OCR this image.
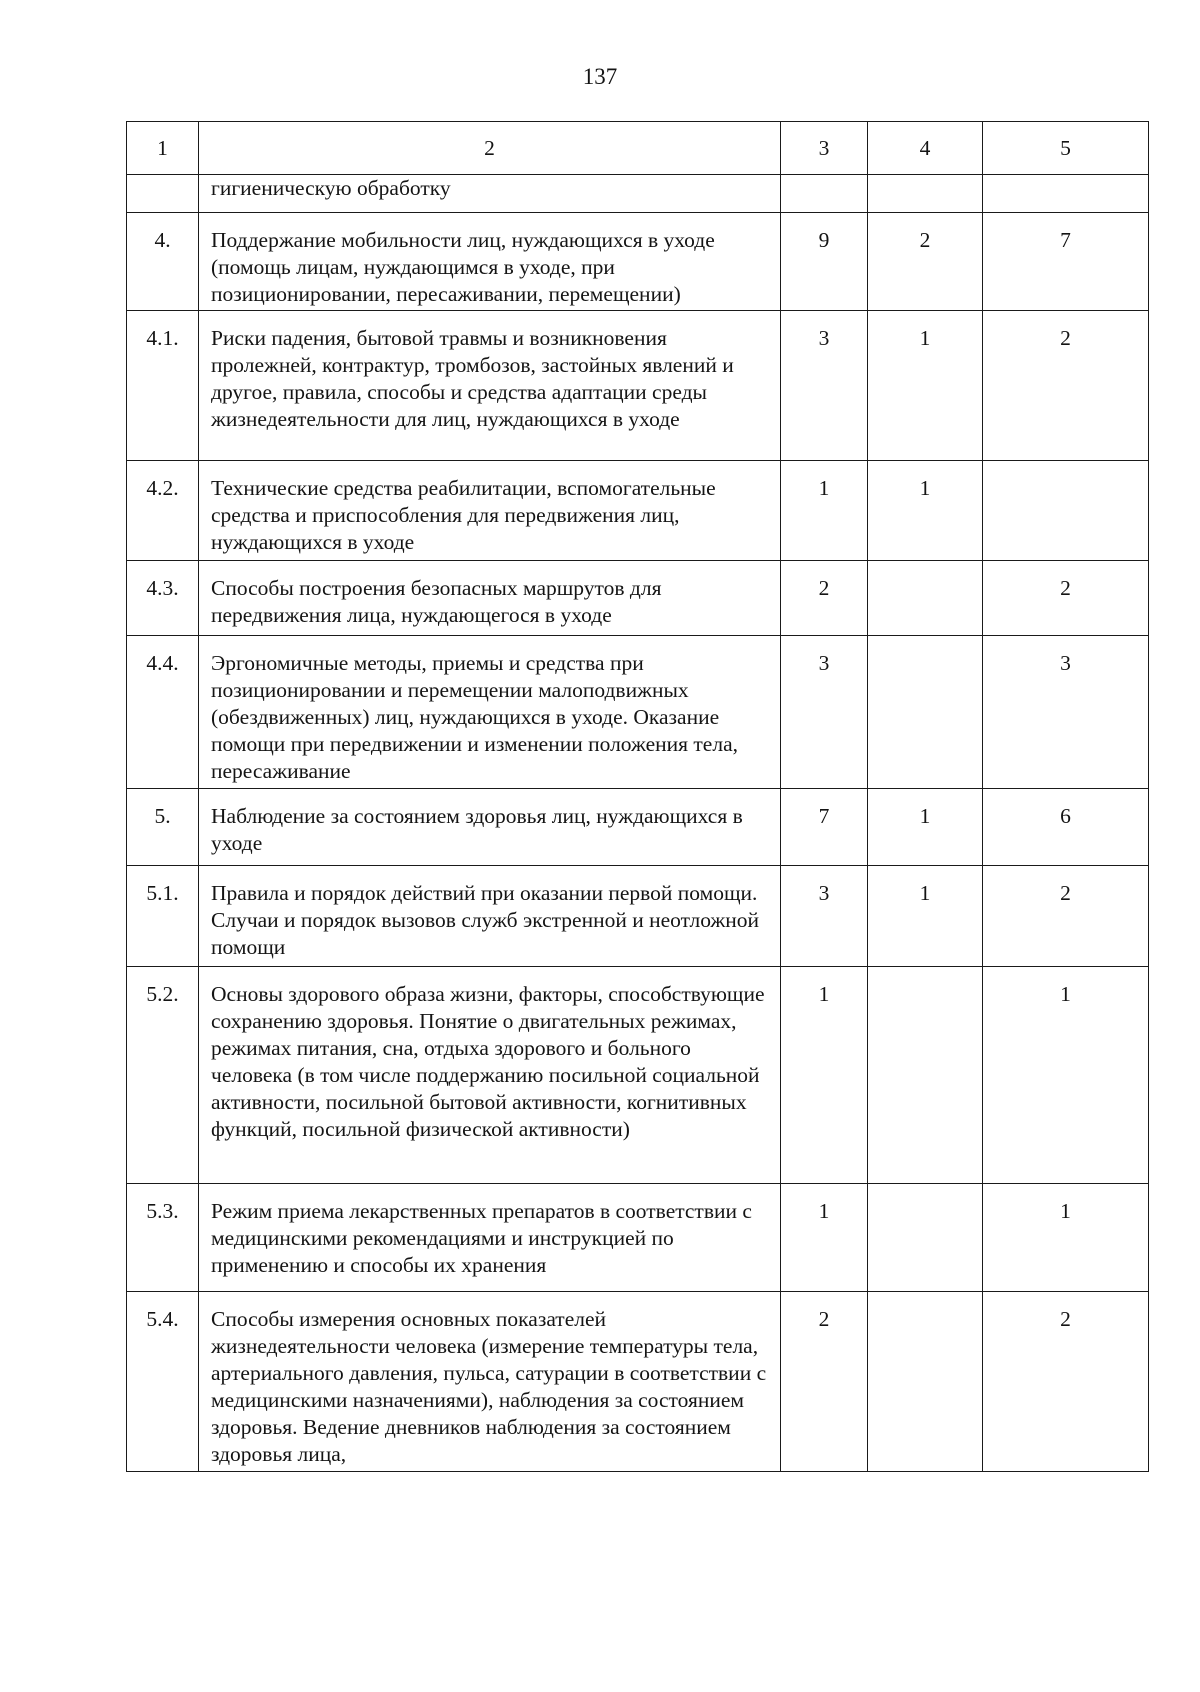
137
1	2	3	4	5
	гигиеническую обработку			
4.	Поддержание мобильности лиц, нуждающихся в уходе (помощь лицам, нуждающимся в уходе, при позиционировании, пересаживании, перемещении)	9	2	7
4.1.	Риски падения, бытовой травмы и возникновения пролежней, контрактур, тромбозов, застойных явлений и другое, правила, способы и средства адаптации среды жизнедеятельности для лиц, нуждающихся в уходе	3	1	2
4.2.	Технические средства реабилитации, вспомогательные средства и приспособления для передвижения лиц, нуждающихся в уходе	1	1	
4.3.	Способы построения безопасных маршрутов для передвижения лица, нуждающегося в уходе	2		2
4.4.	Эргономичные методы, приемы и средства при позиционировании и перемещении малоподвижных (обездвиженных) лиц, нуждающихся в уходе. Оказание помощи при передвижении и изменении положения тела, пересаживание	3		3
5.	Наблюдение за состоянием здоровья лиц, нуждающихся в уходе	7	1	6
5.1.	Правила и порядок действий при оказании первой помощи. Случаи и порядок вызовов служб экстренной и неотложной помощи	3	1	2
5.2.	Основы здорового образа жизни, факторы, способствующие сохранению здоровья. Понятие о двигательных режимах, режимах питания, сна, отдыха здорового и больного человека (в том числе поддержанию посильной социальной активности, посильной бытовой активности, когнитивных функций, посильной физической активности)	1		1
5.3.	Режим приема лекарственных препаратов в соответствии с медицинскими рекомендациями и инструкцией по применению и способы их хранения	1		1
5.4.	Способы измерения основных показателей жизнедеятельности человека (измерение температуры тела, артериального давления, пульса, сатурации в соответствии с медицинскими назначениями), наблюдения за состоянием здоровья. Ведение дневников наблюдения за состоянием здоровья лица,	2		2
